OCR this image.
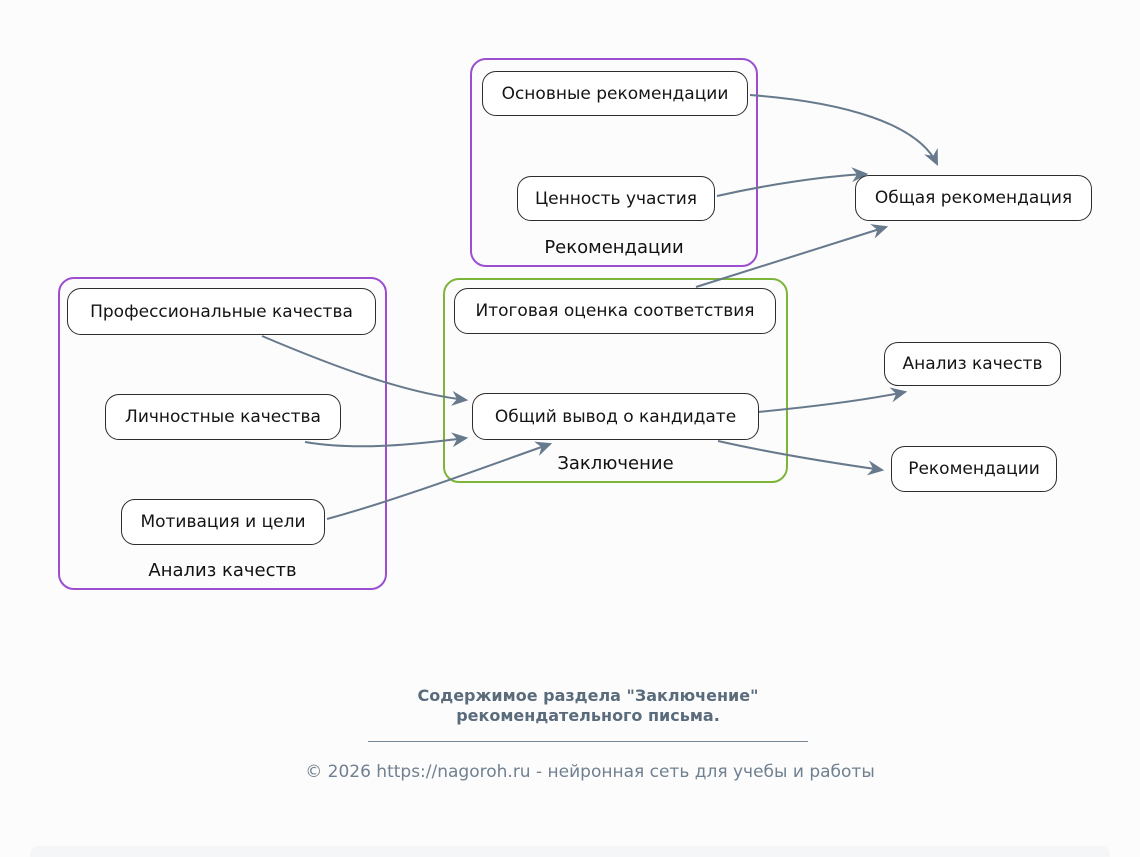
Рекомендации
Анализ качеств
Заключение
Основные рекомендации
Ценность участия	Общая рекомендация
Итоговая оценка соответствия
Общий вывод о кандидате
Профессиональные качества
Личностные качества
Мотивация и цели
Анализ качеств
Рекомендации
Содержимое раздела "Заключение"
рекомендательного письма.
© 2026 https://nagoroh.ru - нейронная сеть для учебы и работы
